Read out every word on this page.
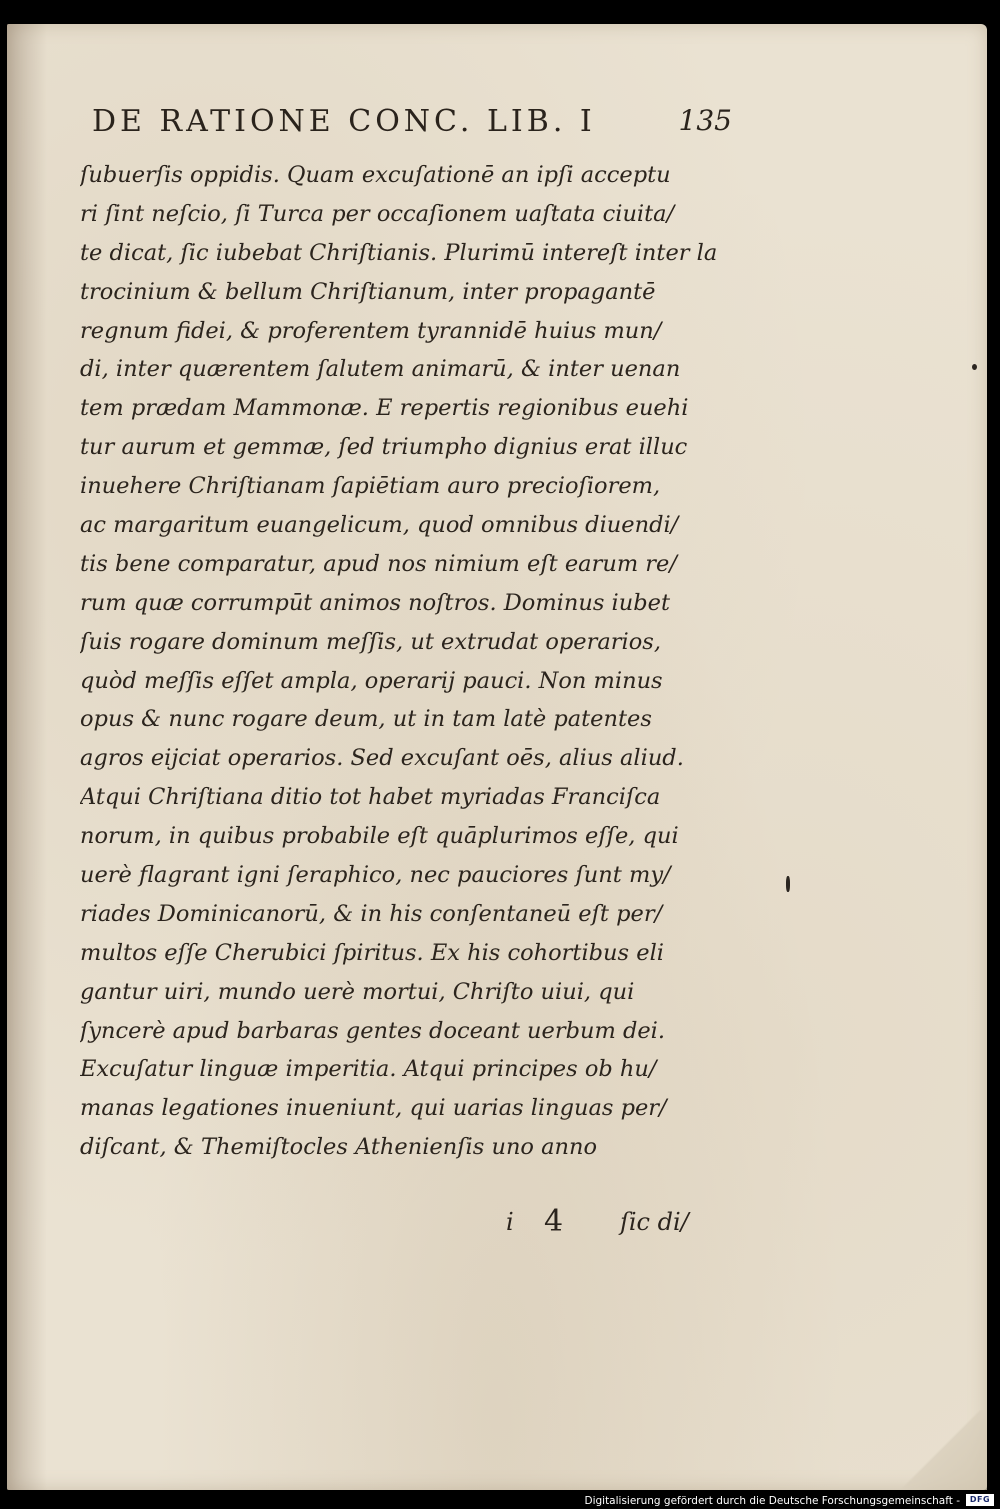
DE RATIONE CONC. LIB. I	135
ſubuerſis oppidis. Quam excuſationē an ipſi acceptu
ri ſint neſcio, ſi Turca per occaſionem uaſtata ciuita/
te dicat, ſic iubebat Chriſtianis. Plurimū intereſt inter la
trocinium & bellum Chriſtianum, inter propagantē
regnum fidei, & proferentem tyrannidē huius mun/
di, inter quærentem ſalutem animarū, & inter uenan
tem prædam Mammonæ. E repertis regionibus euehi
tur aurum et gemmæ, ſed triumpho dignius erat illuc
inuehere Chriſtianam ſapiētiam auro precioſiorem,
ac margaritum euangelicum, quod omnibus diuendi/
tis bene comparatur, apud nos nimium eſt earum re/
rum quæ corrumpūt animos noſtros. Dominus iubet
ſuis rogare dominum meſſis, ut extrudat operarios,
quòd meſſis eſſet ampla, operarij pauci. Non minus
opus & nunc rogare deum, ut in tam latè patentes
agros eijciat operarios. Sed excuſant oēs, alius aliud.
Atqui Chriſtiana ditio tot habet myriadas Franciſca
norum, in quibus probabile eſt quāplurimos eſſe, qui
uerè flagrant igni ſeraphico, nec pauciores ſunt my/
riades Dominicanorū, & in his conſentaneū eſt per/
multos eſſe Cherubici ſpiritus. Ex his cohortibus eli
gantur uiri, mundo uerè mortui, Chriſto uiui, qui
ſyncerè apud barbaras gentes doceant uerbum dei.
Excuſatur linguæ imperitia. Atqui principes ob hu/
manas legationes inueniunt, qui uarias linguas per/
diſcant, & Themiſtocles Athenienſis uno anno
i 4 ſic di/
Digitalisierung gefördert durch die Deutsche Forschungsgemeinschaft -	DFG
